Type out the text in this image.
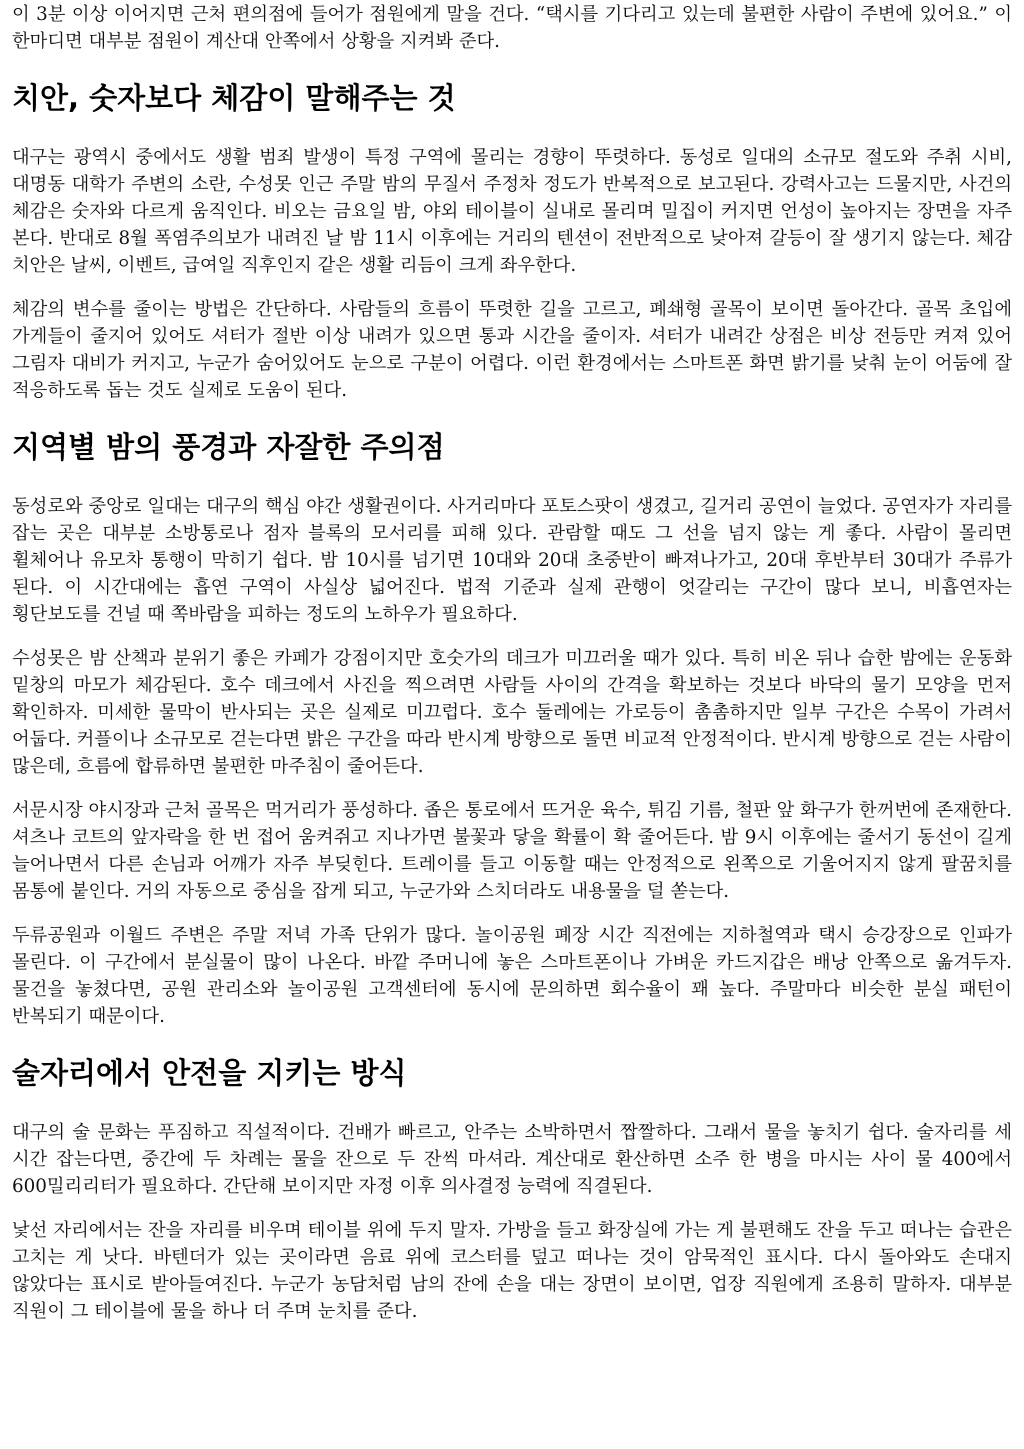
이 3분 이상 이어지면 근처 편의점에 들어가 점원에게 말을 건다. “택시를 기다리고 있는데 불편한 사람이 주변에 있어요.” 이 한마디면 대부분 점원이 계산대 안쪽에서 상황을 지켜봐 준다.

치안, 숫자보다 체감이 말해주는 것

대구는 광역시 중에서도 생활 범죄 발생이 특정 구역에 몰리는 경향이 뚜렷하다. 동성로 일대의 소규모 절도와 주취 시비, 대명동 대학가 주변의 소란, 수성못 인근 주말 밤의 무질서 주정차 정도가 반복적으로 보고된다. 강력사고는 드물지만, 사건의 체감은 숫자와 다르게 움직인다. 비오는 금요일 밤, 야외 테이블이 실내로 몰리며 밀집이 커지면 언성이 높아지는 장면을 자주 본다. 반대로 8월 폭염주의보가 내려진 날 밤 11시 이후에는 거리의 텐션이 전반적으로 낮아져 갈등이 잘 생기지 않는다. 체감 치안은 날씨, 이벤트, 급여일 직후인지 같은 생활 리듬이 크게 좌우한다.

체감의 변수를 줄이는 방법은 간단하다. 사람들의 흐름이 뚜렷한 길을 고르고, 폐쇄형 골목이 보이면 돌아간다. 골목 초입에 가게들이 줄지어 있어도 셔터가 절반 이상 내려가 있으면 통과 시간을 줄이자. 셔터가 내려간 상점은 비상 전등만 켜져 있어 그림자 대비가 커지고, 누군가 숨어있어도 눈으로 구분이 어렵다. 이런 환경에서는 스마트폰 화면 밝기를 낮춰 눈이 어둠에 잘 적응하도록 돕는 것도 실제로 도움이 된다.

지역별 밤의 풍경과 자잘한 주의점

동성로와 중앙로 일대는 대구의 핵심 야간 생활권이다. 사거리마다 포토스팟이 생겼고, 길거리 공연이 늘었다. 공연자가 자리를 잡는 곳은 대부분 소방통로나 점자 블록의 모서리를 피해 있다. 관람할 때도 그 선을 넘지 않는 게 좋다. 사람이 몰리면 휠체어나 유모차 통행이 막히기 쉽다. 밤 10시를 넘기면 10대와 20대 초중반이 빠져나가고, 20대 후반부터 30대가 주류가 된다. 이 시간대에는 흡연 구역이 사실상 넓어진다. 법적 기준과 실제 관행이 엇갈리는 구간이 많다 보니, 비흡연자는 횡단보도를 건널 때 쪽바람을 피하는 정도의 노하우가 필요하다.

수성못은 밤 산책과 분위기 좋은 카페가 강점이지만 호숫가의 데크가 미끄러울 때가 있다. 특히 비온 뒤나 습한 밤에는 운동화 밑창의 마모가 체감된다. 호수 데크에서 사진을 찍으려면 사람들 사이의 간격을 확보하는 것보다 바닥의 물기 모양을 먼저 확인하자. 미세한 물막이 반사되는 곳은 실제로 미끄럽다. 호수 둘레에는 가로등이 촘촘하지만 일부 구간은 수목이 가려서 어둡다. 커플이나 소규모로 걷는다면 밝은 구간을 따라 반시계 방향으로 돌면 비교적 안정적이다. 반시계 방향으로 걷는 사람이 많은데, 흐름에 합류하면 불편한 마주침이 줄어든다.

서문시장 야시장과 근처 골목은 먹거리가 풍성하다. 좁은 통로에서 뜨거운 육수, 튀김 기름, 철판 앞 화구가 한꺼번에 존재한다. 셔츠나 코트의 앞자락을 한 번 접어 움켜쥐고 지나가면 불꽃과 닿을 확률이 확 줄어든다. 밤 9시 이후에는 줄서기 동선이 길게 늘어나면서 다른 손님과 어깨가 자주 부딪힌다. 트레이를 들고 이동할 때는 안정적으로 왼쪽으로 기울어지지 않게 팔꿈치를 몸통에 붙인다. 거의 자동으로 중심을 잡게 되고, 누군가와 스치더라도 내용물을 덜 쏟는다.

두류공원과 이월드 주변은 주말 저녁 가족 단위가 많다. 놀이공원 폐장 시간 직전에는 지하철역과 택시 승강장으로 인파가 몰린다. 이 구간에서 분실물이 많이 나온다. 바깥 주머니에 놓은 스마트폰이나 가벼운 카드지갑은 배낭 안쪽으로 옮겨두자. 물건을 놓쳤다면, 공원 관리소와 놀이공원 고객센터에 동시에 문의하면 회수율이 꽤 높다. 주말마다 비슷한 분실 패턴이 반복되기 때문이다.

술자리에서 안전을 지키는 방식

대구의 술 문화는 푸짐하고 직설적이다. 건배가 빠르고, 안주는 소박하면서 짭짤하다. 그래서 물을 놓치기 쉽다. 술자리를 세 시간 잡는다면, 중간에 두 차례는 물을 잔으로 두 잔씩 마셔라. 계산대로 환산하면 소주 한 병을 마시는 사이 물 400에서 600밀리리터가 필요하다. 간단해 보이지만 자정 이후 의사결정 능력에 직결된다.

낯선 자리에서는 잔을 자리를 비우며 테이블 위에 두지 말자. 가방을 들고 화장실에 가는 게 불편해도 잔을 두고 떠나는 습관은 고치는 게 낫다. 바텐더가 있는 곳이라면 음료 위에 코스터를 덮고 떠나는 것이 암묵적인 표시다. 다시 돌아와도 손대지 않았다는 표시로 받아들여진다. 누군가 농담처럼 남의 잔에 손을 대는 장면이 보이면, 업장 직원에게 조용히 말하자. 대부분 직원이 그 테이블에 물을 하나 더 주며 눈치를 준다.
